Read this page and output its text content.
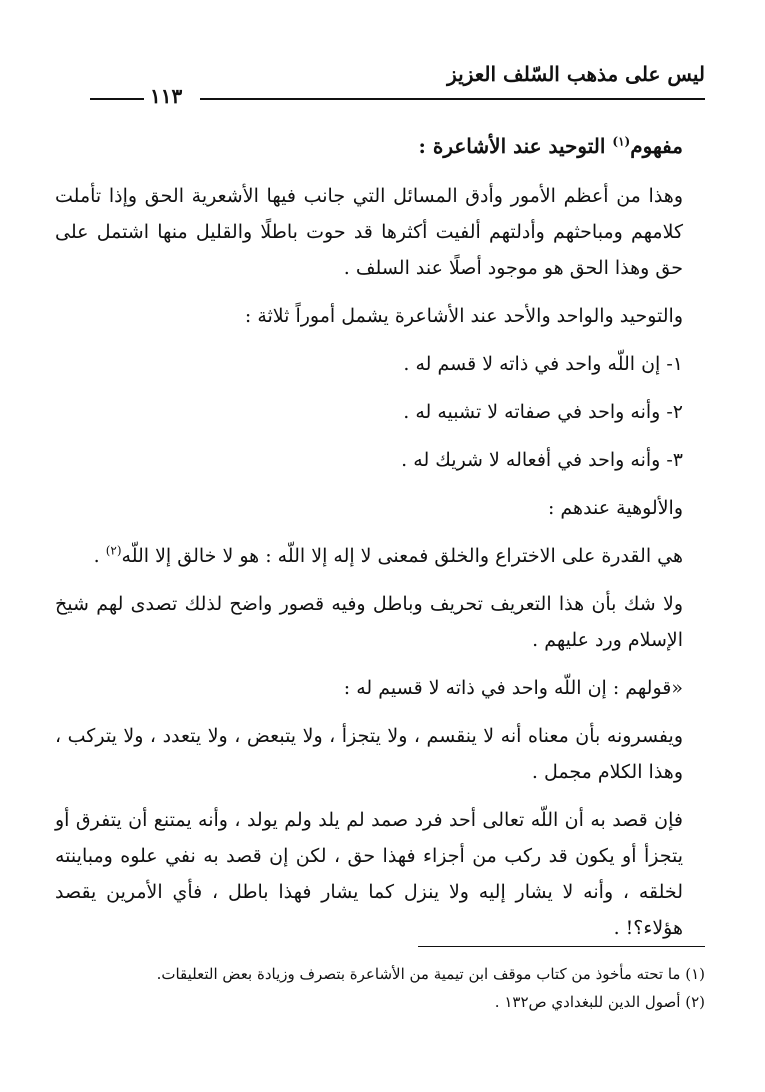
ليس على مذهب السّلف العزيز
١١٣

مفهوم$^{(١)}$ التوحيد عند الأشاعرة :

وهذا من أعظم الأمور وأدق المسائل التي جانب فيها الأشعرية الحق وإذا تأملت كلامهم ومباحثهم وأدلتهم ألفيت أكثرها قد حوت باطلًا والقليل منها اشتمل على حق وهذا الحق هو موجود أصلًا عند السلف .

والتوحيد والواحد والأحد عند الأشاعرة يشمل أموراً ثلاثة :

١- إن اللّه واحد في ذاته لا قسم له .

٢- وأنه واحد في صفاته لا تشبيه له .

٣- وأنه واحد في أفعاله لا شريك له .

والألوهية عندهم :

هي القدرة على الاختراع والخلق فمعنى لا إله إلا اللّه : هو لا خالق إلا اللّه$^{(٢)}$ .

ولا شك بأن هذا التعريف تحريف وباطل وفيه قصور واضح لذلك تصدى لهم شيخ الإسلام ورد عليهم .

«قولهم : إن اللّه واحد في ذاته لا قسيم له :

ويفسرونه بأن معناه أنه لا ينقسم ، ولا يتجزأ ، ولا يتبعض ، ولا يتعدد ، ولا يتركب ، وهذا الكلام مجمل .

فإن قصد به أن اللّه تعالى أحد فرد صمد لم يلد ولم يولد ، وأنه يمتنع أن يتفرق أو يتجزأ أو يكون قد ركب من أجزاء فهذا حق ، لكن إن قصد به نفي علوه ومباينته لخلقه ، وأنه لا يشار إليه ولا ينزل كما يشار فهذا باطل ، فأي الأمرين يقصد هؤلاء؟! .

(١) ما تحته مأخوذ من كتاب موقف ابن تيمية من الأشاعرة بتصرف وزيادة بعض التعليقات.
(٢) أصول الدين للبغدادي ص١٣٢ .
